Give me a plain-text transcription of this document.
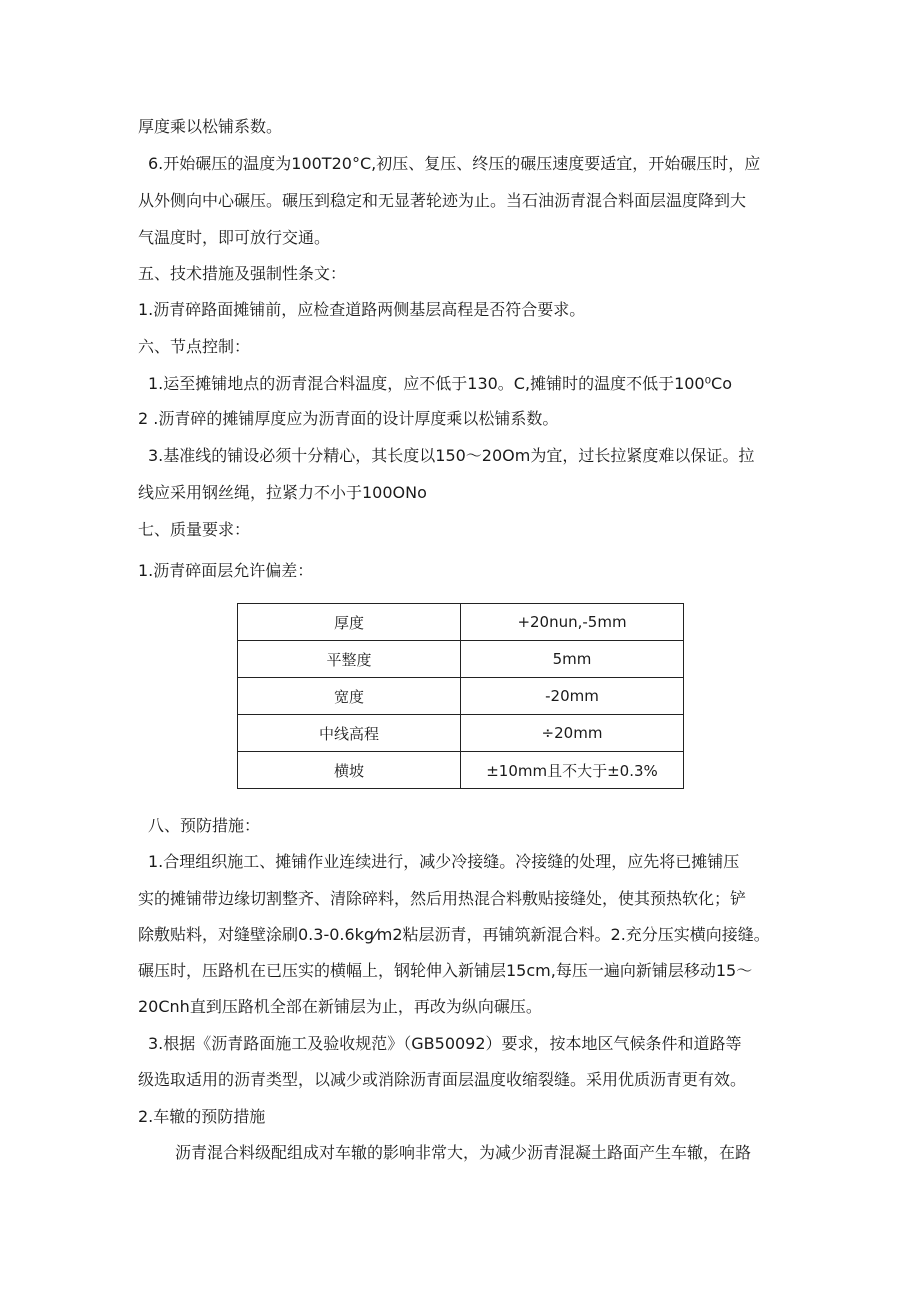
厚度乘以松铺系数。
6.开始碾压的温度为100T20°C,初压、复压、终压的碾压速度要适宜，开始碾压时，应
从外侧向中心碾压。碾压到稳定和无显著轮迹为止。当石油沥青混合料面层温度降到大
气温度时，即可放行交通。
五、技术措施及强制性条文：
1.沥青碎路面摊铺前，应检查道路两侧基层高程是否符合要求。
六、节点控制：
1.运至摊铺地点的沥青混合料温度，应不低于130。C,摊铺时的温度不低于100⁰Co
2 .沥青碎的摊铺厚度应为沥青面的设计厚度乘以松铺系数。
3.基准线的铺设必须十分精心，其长度以150～20Om为宜，过长拉紧度难以保证。拉
线应采用钢丝绳，拉紧力不小于100ONo
七、质量要求：
1.沥青碎面层允许偏差：
厚度	+20nun,-5mm
平整度	5mm
宽度	-20mm
中线高程	÷20mm
横坡	±10mm且不大于±0.3%
八、预防措施：
1.合理组织施工、摊铺作业连续进行，减少冷接缝。冷接缝的处理，应先将已摊铺压
实的摊铺带边缘切割整齐、清除碎料，然后用热混合料敷贴接缝处，使其预热软化；铲
除敷贴料，对缝壁涂刷0.3-0.6kg⁄m2粘层沥青，再铺筑新混合料。2.充分压实横向接缝。
碾压时，压路机在已压实的横幅上，钢轮伸入新铺层15cm,每压一遍向新铺层移动15～
20Cnh直到压路机全部在新铺层为止，再改为纵向碾压。
3.根据《沥青路面施工及验收规范》（GB50092）要求，按本地区气候条件和道路等
级选取适用的沥青类型，以减少或消除沥青面层温度收缩裂缝。采用优质沥青更有效。
2.车辙的预防措施
沥青混合料级配组成对车辙的影响非常大，为减少沥青混凝土路面产生车辙，在路
